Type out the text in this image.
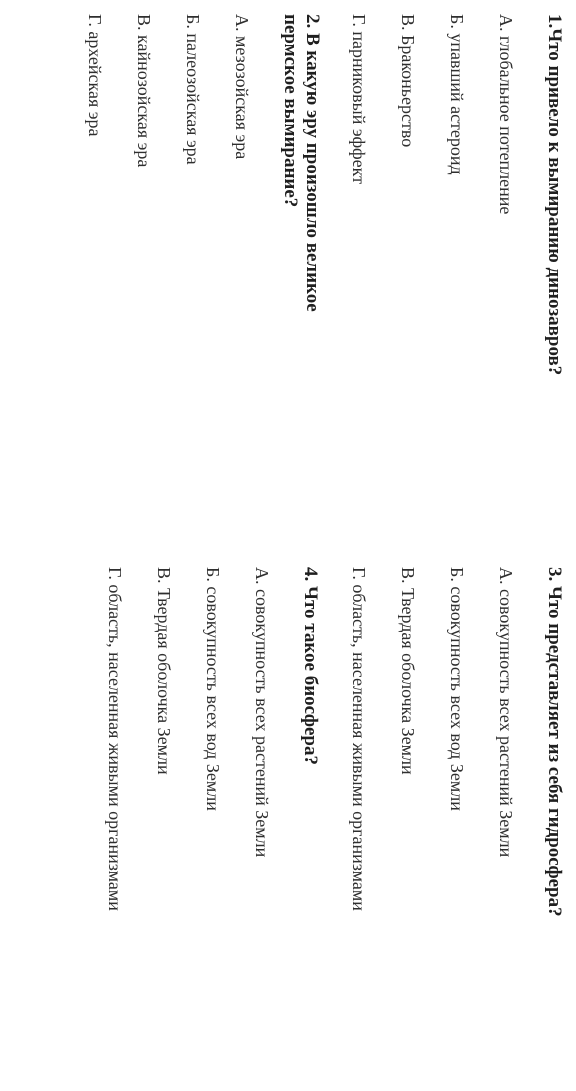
1.Что привело к вымиранию динозавров?
А. глобальное потепление
Б. упавший астероид
В. Браконьерство
Г. парниковый эффект
2. В какую эру произошло великое пермское вымирание?
А. мезозойская эра
Б. палеозойская эра
В. кайнозойская эра
Г. архейская эра
3. Что представляет из себя гидросфера?
А. совокупность всех растений Земли
Б. совокупность всех вод Земли
В. Твердая оболочка Земли
Г. область, населенная живыми организмами
4. Что такое биосфера?
А. совокупность всех растений Земли
Б. совокупность всех вод Земли
В. Твердая оболочка Земли
Г. область, населенная живыми организмами
